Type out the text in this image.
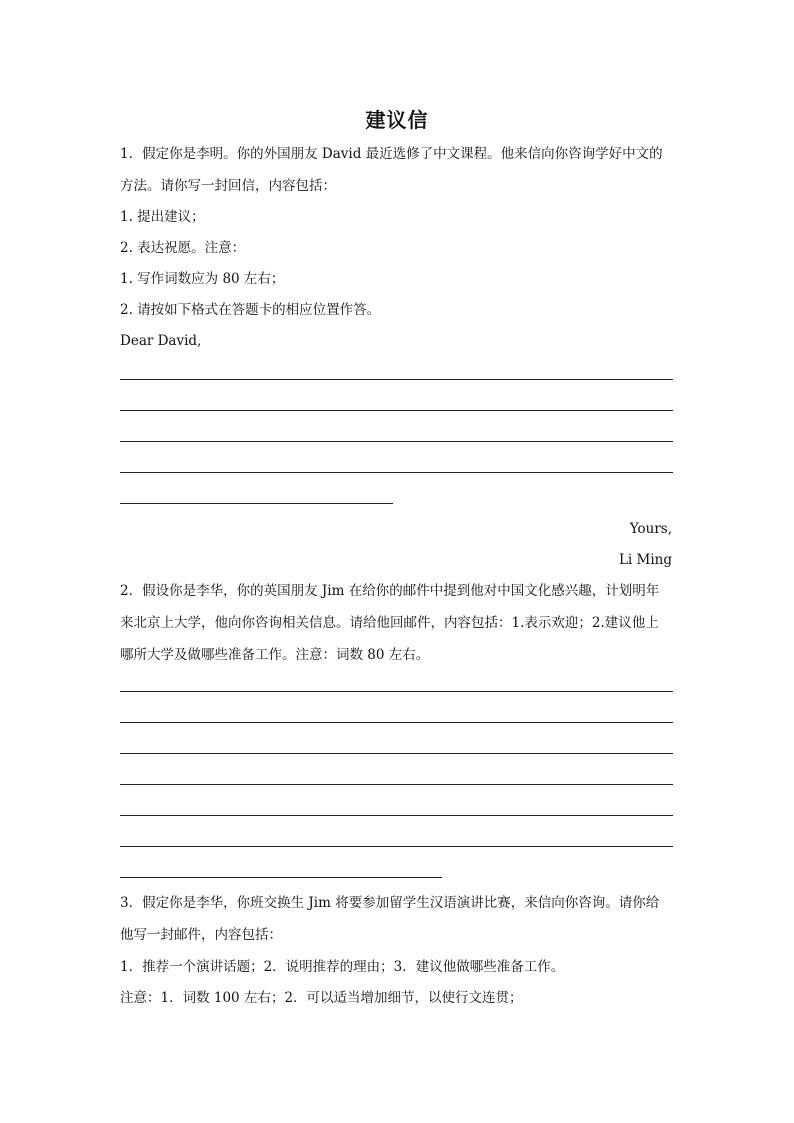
建议信
1．假定你是李明。你的外国朋友 David 最近选修了中文课程。他来信向你咨询学好中文的
方法。请你写一封回信，内容包括：
1. 提出建议；
2. 表达祝愿。注意：
1. 写作词数应为 80 左右；
2. 请按如下格式在答题卡的相应位置作答。
Dear David,
Yours,
Li Ming
2．假设你是李华，你的英国朋友 Jim 在给你的邮件中提到他对中国文化感兴趣，计划明年
来北京上大学，他向你咨询相关信息。请给他回邮件，内容包括：1.表示欢迎；2.建议他上
哪所大学及做哪些准备工作。注意：词数 80 左右。
3．假定你是李华，你班交换生 Jim 将要参加留学生汉语演讲比赛，来信向你咨询。请你给
他写一封邮件，内容包括：
1．推荐一个演讲话题；2．说明推荐的理由；3．建议他做哪些准备工作。
注意：1．词数 100 左右；2．可以适当增加细节，以使行文连贯；
